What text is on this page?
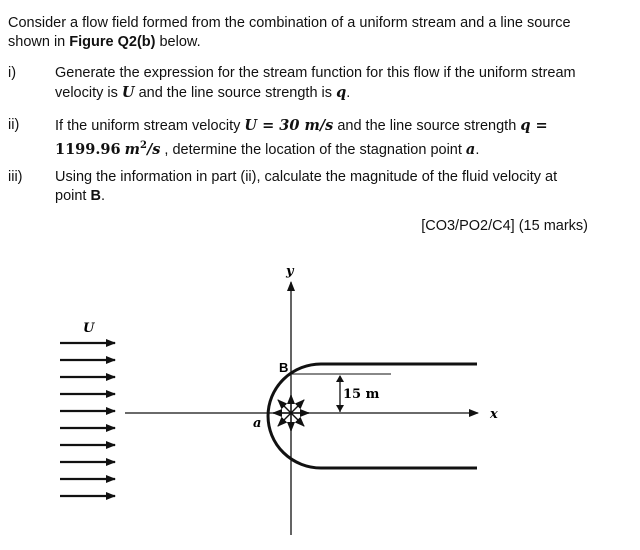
Consider a flow field formed from the combination of a uniform stream and a line source
shown in Figure Q2(b) below.
i)	Generate the expression for the stream function for this flow if the uniform stream
velocity is U and the line source strength is q.
ii) If the uniform stream velocity U = 30 m/s and the line source strength q =
1199.96 $m^2/s$ , determine the location of the stagnation point a.
iii) Using the information in part (ii), calculate the magnitude of the fluid velocity at
point B.
[CO3/PO2/C4] (15 marks)
U
y
x
B
15 m
a
